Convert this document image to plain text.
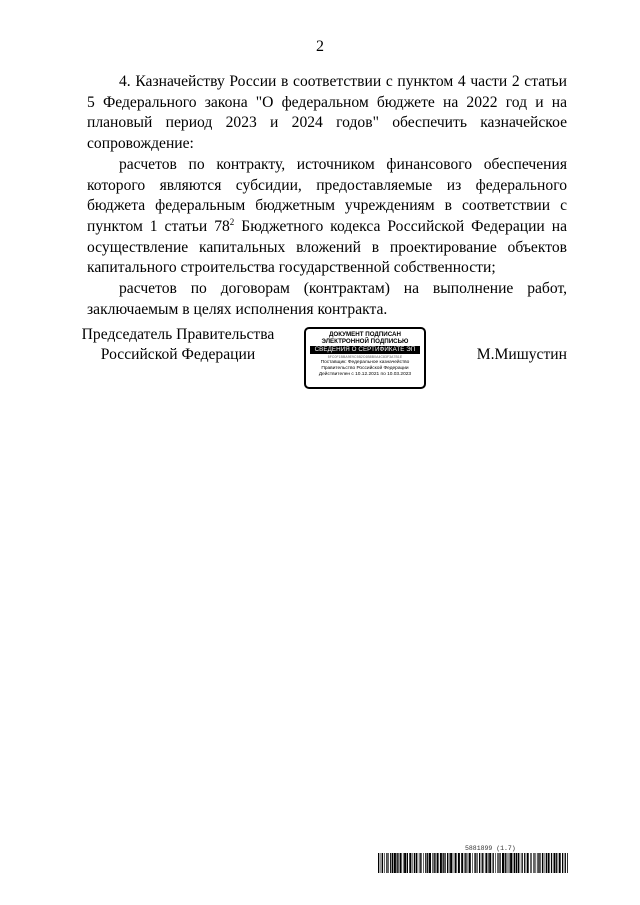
2

4. Казначейству России в соответствии с пунктом 4 части 2 статьи 5 Федерального закона "О федеральном бюджете на 2022 год и на плановый период 2023 и 2024 годов" обеспечить казначейское сопровождение:

расчетов по контракту, источником финансового обеспечения которого являются субсидии, предоставляемые из федерального бюджета федеральным бюджетным учреждениям в соответствии с пунктом 1 статьи $78^2$ Бюджетного кодекса Российской Федерации на осуществление капитальных вложений в проектирование объектов капитального строительства государственной собственности;

расчетов по договорам (контрактам) на выполнение работ, заключаемым в целях исполнения контракта.

Председатель Правительства
Российской Федерации
ДОКУМЕНТ ПОДПИСАН
ЭЛЕКТРОННОЙ ПОДПИСЬЮ
СВЕДЕНИЯ О СЕРТИФИКАТЕ ЭП
5FC0F1BBA9E9C5B2C6B8B0A4C83F3A7B1E
Поставщик: Федеральное казначейство
Правительство Российской Федерации
Действителен с 10.12.2021 по 10.03.2023
М.Мишустин
5881899 (1.7)
